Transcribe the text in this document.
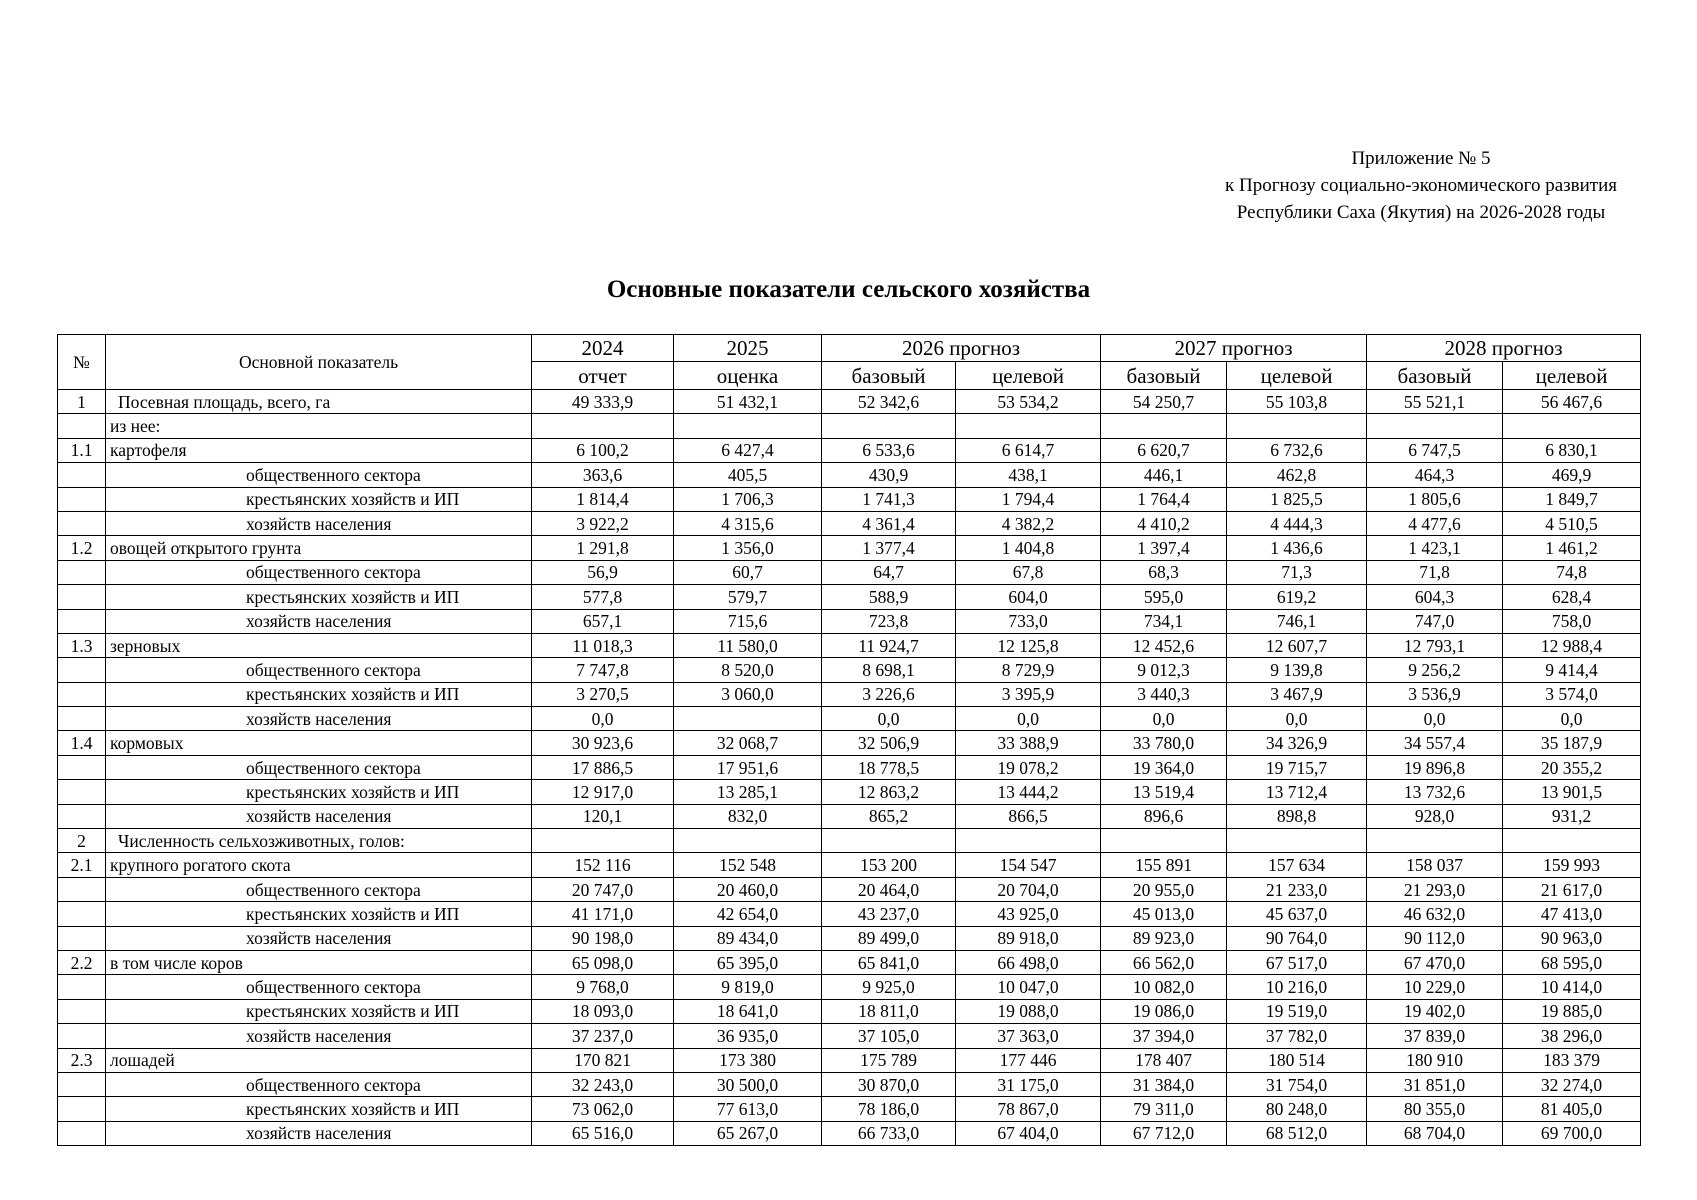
Приложение № 5
к Прогнозу социально-экономического развития
Республики Саха (Якутия) на 2026-2028 годы
Основные показатели сельского хозяйства
№	Основной показатель	2024	2025	2026 прогноз		2027 прогноз		2028 прогноз	
		отчет	оценка	базовый	целевой	базовый	целевой	базовый	целевой
1	Посевная площадь, всего, га	49 333,9	51 432,1	52 342,6	53 534,2	54 250,7	55 103,8	55 521,1	56 467,6
	из нее:								
1.1	картофеля	6 100,2	6 427,4	6 533,6	6 614,7	6 620,7	6 732,6	6 747,5	6 830,1
	общественного сектора	363,6	405,5	430,9	438,1	446,1	462,8	464,3	469,9
	крестьянских хозяйств и ИП	1 814,4	1 706,3	1 741,3	1 794,4	1 764,4	1 825,5	1 805,6	1 849,7
	хозяйств населения	3 922,2	4 315,6	4 361,4	4 382,2	4 410,2	4 444,3	4 477,6	4 510,5
1.2	овощей открытого грунта	1 291,8	1 356,0	1 377,4	1 404,8	1 397,4	1 436,6	1 423,1	1 461,2
	общественного сектора	56,9	60,7	64,7	67,8	68,3	71,3	71,8	74,8
	крестьянских хозяйств и ИП	577,8	579,7	588,9	604,0	595,0	619,2	604,3	628,4
	хозяйств населения	657,1	715,6	723,8	733,0	734,1	746,1	747,0	758,0
1.3	зерновых	11 018,3	11 580,0	11 924,7	12 125,8	12 452,6	12 607,7	12 793,1	12 988,4
	общественного сектора	7 747,8	8 520,0	8 698,1	8 729,9	9 012,3	9 139,8	9 256,2	9 414,4
	крестьянских хозяйств и ИП	3 270,5	3 060,0	3 226,6	3 395,9	3 440,3	3 467,9	3 536,9	3 574,0
	хозяйств населения	0,0		0,0	0,0	0,0	0,0	0,0	0,0
1.4	кормовых	30 923,6	32 068,7	32 506,9	33 388,9	33 780,0	34 326,9	34 557,4	35 187,9
	общественного сектора	17 886,5	17 951,6	18 778,5	19 078,2	19 364,0	19 715,7	19 896,8	20 355,2
	крестьянских хозяйств и ИП	12 917,0	13 285,1	12 863,2	13 444,2	13 519,4	13 712,4	13 732,6	13 901,5
	хозяйств населения	120,1	832,0	865,2	866,5	896,6	898,8	928,0	931,2
2	Численность сельхозживотных, голов:								
2.1	крупного рогатого скота	152 116	152 548	153 200	154 547	155 891	157 634	158 037	159 993
	общественного сектора	20 747,0	20 460,0	20 464,0	20 704,0	20 955,0	21 233,0	21 293,0	21 617,0
	крестьянских хозяйств и ИП	41 171,0	42 654,0	43 237,0	43 925,0	45 013,0	45 637,0	46 632,0	47 413,0
	хозяйств населения	90 198,0	89 434,0	89 499,0	89 918,0	89 923,0	90 764,0	90 112,0	90 963,0
2.2	в том числе коров	65 098,0	65 395,0	65 841,0	66 498,0	66 562,0	67 517,0	67 470,0	68 595,0
	общественного сектора	9 768,0	9 819,0	9 925,0	10 047,0	10 082,0	10 216,0	10 229,0	10 414,0
	крестьянских хозяйств и ИП	18 093,0	18 641,0	18 811,0	19 088,0	19 086,0	19 519,0	19 402,0	19 885,0
	хозяйств населения	37 237,0	36 935,0	37 105,0	37 363,0	37 394,0	37 782,0	37 839,0	38 296,0
2.3	лошадей	170 821	173 380	175 789	177 446	178 407	180 514	180 910	183 379
	общественного сектора	32 243,0	30 500,0	30 870,0	31 175,0	31 384,0	31 754,0	31 851,0	32 274,0
	крестьянских хозяйств и ИП	73 062,0	77 613,0	78 186,0	78 867,0	79 311,0	80 248,0	80 355,0	81 405,0
	хозяйств населения	65 516,0	65 267,0	66 733,0	67 404,0	67 712,0	68 512,0	68 704,0	69 700,0
